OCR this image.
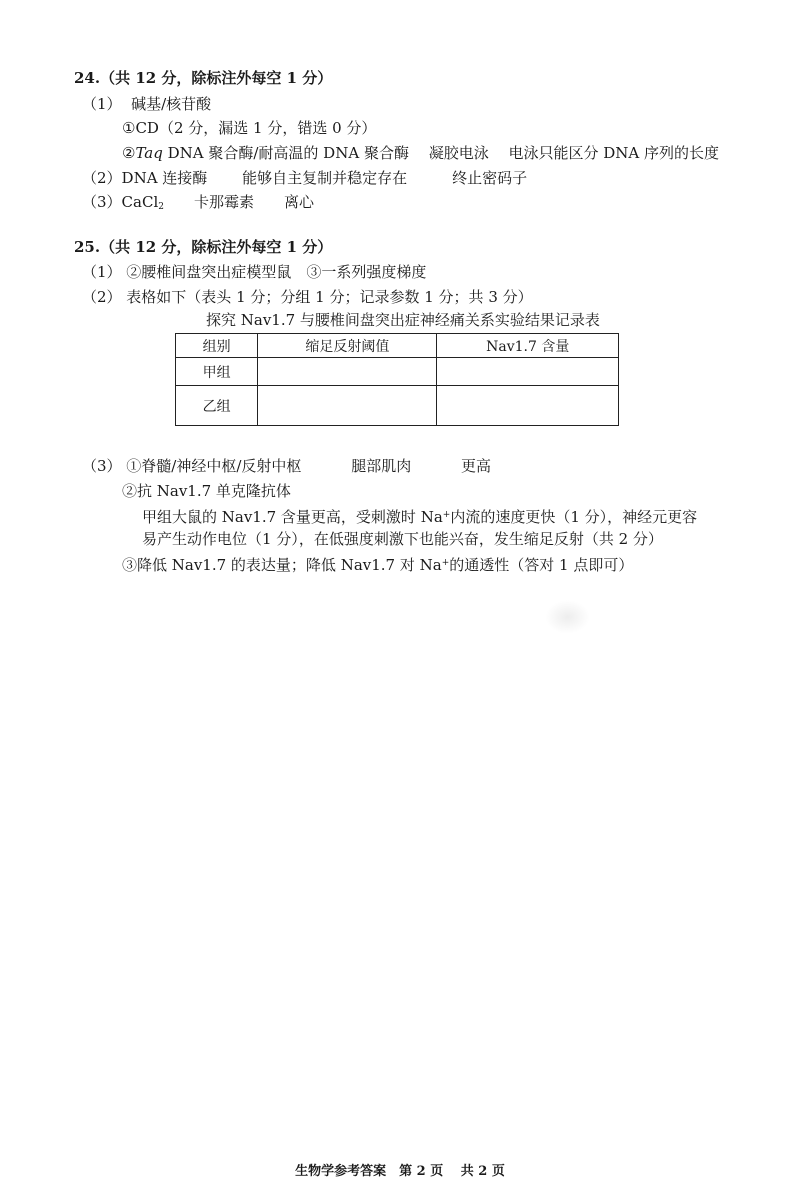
24.（共 12 分，除标注外每空 1 分）
（1） 碱基/核苷酸
①CD（2 分，漏选 1 分，错选 0 分）
②Taq DNA 聚合酶/耐高温的 DNA 聚合酶　 凝胶电泳　 电泳只能区分 DNA 序列的长度
（2）DNA 连接酶　　 能够自主复制并稳定存在　　　终止密码子
（3）CaCl$_2$　　卡那霉素　　离心
25.（共 12 分，除标注外每空 1 分）
（1） ②腰椎间盘突出症模型鼠　③一系列强度梯度
（2） 表格如下（表头 1 分；分组 1 分；记录参数 1 分；共 3 分）
探究 Nav1.7 与腰椎间盘突出症神经痛关系实验结果记录表
组别	缩足反射阈值	Nav1.7 含量
甲组		
乙组		
（3） ①脊髓/神经中枢/反射中枢　　　 腿部肌肉　　　 更高
②抗 Nav1.7 单克隆抗体
甲组大鼠的 Nav1.7 含量更高，受刺激时 Na+内流的速度更快（1 分），神经元更容
易产生动作电位（1 分），在低强度刺激下也能兴奋，发生缩足反射（共 2 分）
③降低 Nav1.7 的表达量；降低 Nav1.7 对 Na+的通透性（答对 1 点即可）
生物学参考答案　第 2 页　 共 2 页
